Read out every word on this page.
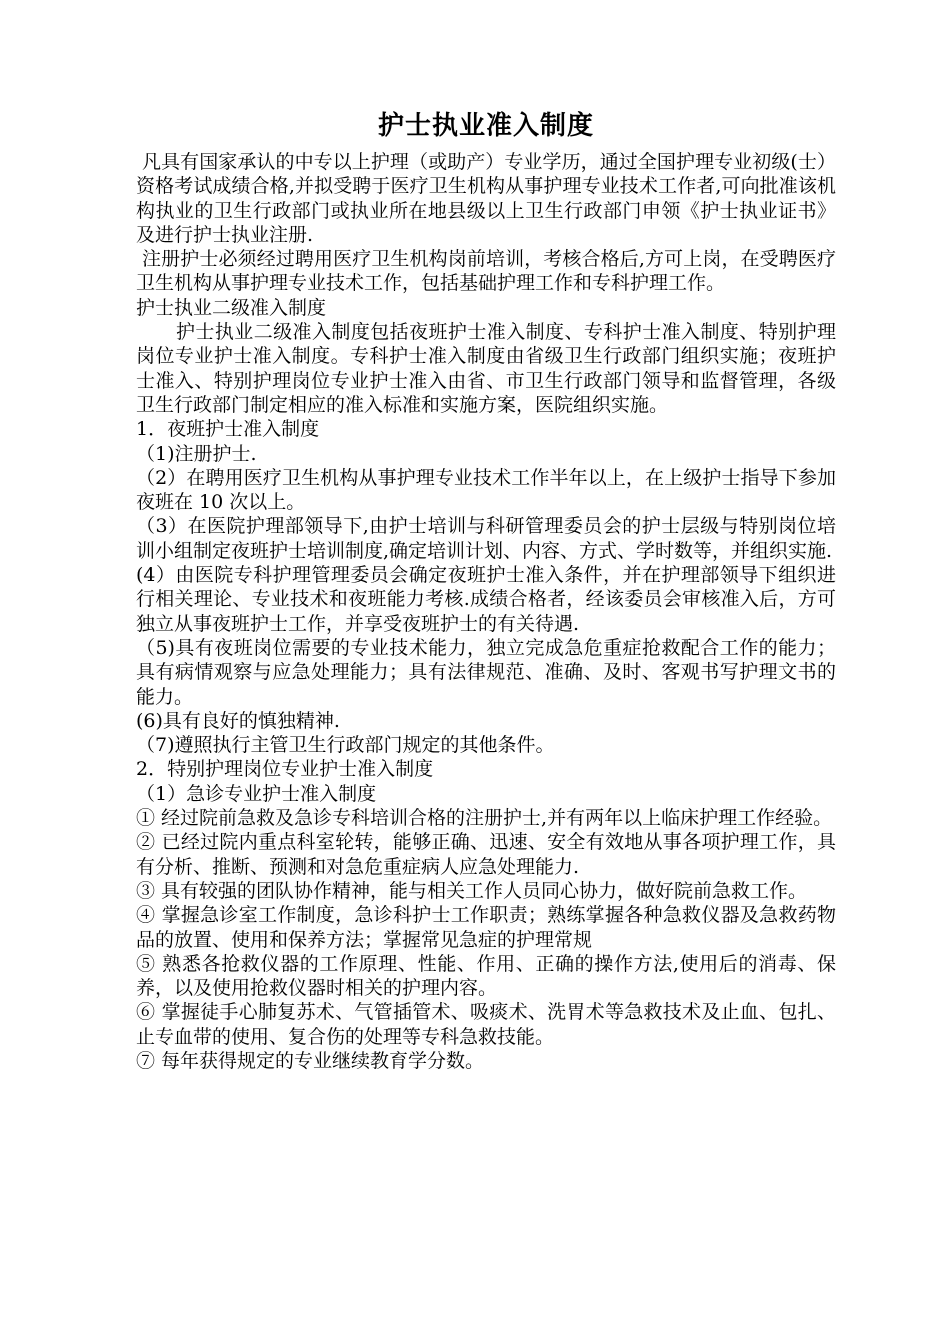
护士执业准入制度

凡具有国家承认的中专以上护理（或助产）专业学历，通过全国护理专业初级(士）资格考试成绩合格,并拟受聘于医疗卫生机构从事护理专业技术工作者,可向批准该机构执业的卫生行政部门或执业所在地县级以上卫生行政部门申领《护士执业证书》及进行护士执业注册.

注册护士必须经过聘用医疗卫生机构岗前培训，考核合格后,方可上岗，在受聘医疗卫生机构从事护理专业技术工作，包括基础护理工作和专科护理工作。

护士执业二级准入制度

护士执业二级准入制度包括夜班护士准入制度、专科护士准入制度、特别护理岗位专业护士准入制度。专科护士准入制度由省级卫生行政部门组织实施；夜班护士准入、特别护理岗位专业护士准入由省、市卫生行政部门领导和监督管理，各级卫生行政部门制定相应的准入标准和实施方案，医院组织实施。

1．夜班护士准入制度

（1)注册护士.

（2）在聘用医疗卫生机构从事护理专业技术工作半年以上，在上级护士指导下参加夜班在 10 次以上。

（3）在医院护理部领导下,由护士培训与科研管理委员会的护士层级与特别岗位培训小组制定夜班护士培训制度,确定培训计划、内容、方式、学时数等，并组织实施.

(4）由医院专科护理管理委员会确定夜班护士准入条件，并在护理部领导下组织进行相关理论、专业技术和夜班能力考核.成绩合格者，经该委员会审核准入后，方可独立从事夜班护士工作，并享受夜班护士的有关待遇.

（5)具有夜班岗位需要的专业技术能力，独立完成急危重症抢救配合工作的能力；具有病情观察与应急处理能力；具有法律规范、准确、及时、客观书写护理文书的能力。

(6)具有良好的慎独精神.

（7)遵照执行主管卫生行政部门规定的其他条件。

2．特别护理岗位专业护士准入制度

（1）急诊专业护士准入制度

① 经过院前急救及急诊专科培训合格的注册护士,并有两年以上临床护理工作经验。

② 已经过院内重点科室轮转，能够正确、迅速、安全有效地从事各项护理工作，具有分析、推断、预测和对急危重症病人应急处理能力.

③ 具有较强的团队协作精神，能与相关工作人员同心协力，做好院前急救工作。

④ 掌握急诊室工作制度，急诊科护士工作职责；熟练掌握各种急救仪器及急救药物品的放置、使用和保养方法；掌握常见急症的护理常规

⑤ 熟悉各抢救仪器的工作原理、性能、作用、正确的操作方法,使用后的消毒、保养，以及使用抢救仪器时相关的护理内容。

⑥ 掌握徒手心肺复苏术、气管插管术、吸痰术、洗胃术等急救技术及止血、包扎、止专血带的使用、复合伤的处理等专科急救技能。

⑦ 每年获得规定的专业继续教育学分数。
